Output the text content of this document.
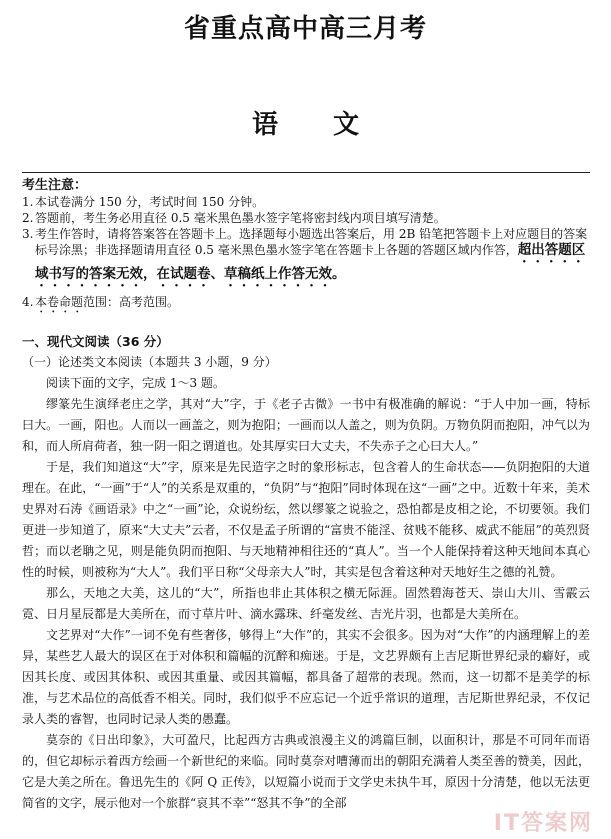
省重点高中高三月考
语文
考生注意：
1. 本试卷满分 150 分，考试时间 150 分钟。
2. 答题前，考生务必用直径 0.5 毫米黑色墨水签字笔将密封线内项目填写清楚。
3. 考生作答时，请将答案答在答题卡上。选择题每小题选出答案后，用 2B 铅笔把答题卡上对应题目的答案标号涂黑；非选择题请用直径 0.5 毫米黑色墨水签字笔在答题卡上各题的答题区域内作答，超出答题区域书写的答案无效，在试题卷、草稿纸上作答无效。
4. 本卷命题范围：高考范围。
一、现代文阅读（36 分）
（一）论述类文本阅读（本题共 3 小题，9 分）
阅读下面的文字，完成 1～3 题。
缪篆先生演绎老庄之学，其对“大”字，于《老子古微》一书中有极准确的解说：“于人中加一画，特标曰大。一画，阳也。人而以一画盖之，则为抱阳；一画而以人盖之，则为负阴。万物负阴而抱阳，冲气以为和，而人所肩荷者，独一阴一阳之谓道也。处其厚实曰大丈夫，不失赤子之心曰大人。”
于是，我们知道这“大”字，原来是先民造字之时的象形标志，包含着人的生命状态——负阴抱阳的大道理在。在此，“一画”于“人”的关系是双重的，“负阴”与“抱阳”同时体现在这“一画”之中。近数十年来，美术史界对石涛《画语录》中之“一画”论，众说纷纭，然以缪篆之说验之，恐怕都是皮相之论，不切要领。我们更进一步知道了，原来“大丈夫”云者，不仅是孟子所谓的“富贵不能淫、贫贱不能移、威武不能屈”的英烈贤哲；而以老聃之见，则是能负阴而抱阳、与天地精神相往还的“真人”。当一个人能保持着这种天地间本真心性的时候，则被称为“大人”。我们平日称“父母亲大人”时，其实是包含着这种对天地好生之德的礼赞。
那么，天地之大美，这儿的“大”，所指也非止其体积之横无际涯。固然碧海苍天、崇山大川、雪霰云霓、日月星辰都是大美所在，而寸草片叶、滴水露珠、纤毫发丝、吉光片羽，也都是大美所在。
文艺界对“大作”一词不免有些奢侈，够得上“大作”的，其实不会很多。因为对“大作”的内涵理解上的差异，某些艺人最大的误区在于对体积和篇幅的沉醉和痴迷。于是，文艺界颇有上吉尼斯世界纪录的癖好，或因其长度、或因其体积、或因其重量、或因其篇幅，都具备了超常的表现。然而，这一切都不是美学的标准，与艺术品位的高低香不相关。同时，我们似乎不应忘记一个近乎常识的道理，吉尼斯世界纪录，不仅记录人类的睿智，也同时记录人类的愚蠢。
莫奈的《日出印象》，大可盈尺，比起西方古典或浪漫主义的鸿篇巨制，以面积计，那是不可同年而语的，但它却标示着西方绘画一个新世纪的来临。同时莫奈对嘈薄而出的朝阳充满着人类至善的赞美，因此，它是大美之所在。鲁迅先生的《阿 Q 正传》，以短篇小说而于文学史未执牛耳，原因十分清楚，他以无法更简省的文字，展示他对一个旅群“哀其不幸”“怒其不争”的全部
IT答案网
